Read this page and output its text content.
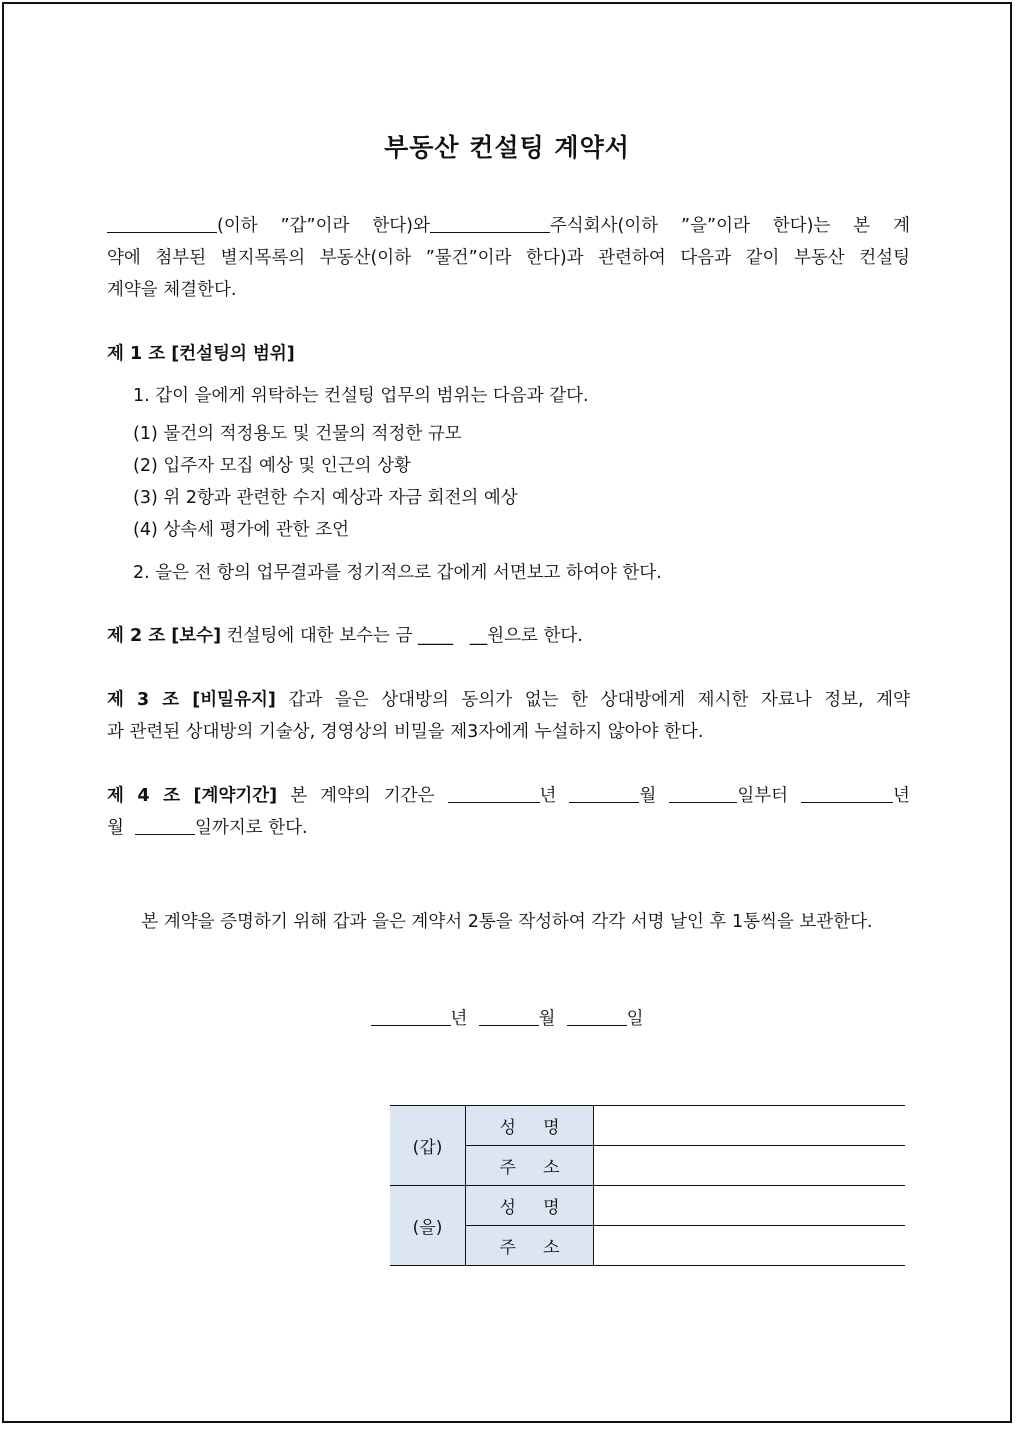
부동산 컨설팅 계약서
(이하 ”갑”이라 한다)와	주식회사(이하 ”을”이라 한다)는 본 계
약에 첨부된 별지목록의 부동산(이하 ”물건”이라 한다)과 관련하여 다음과 같이 부동산 컨설팅
계약을 체결한다.
제 1 조 [컨설팅의 범위]
1. 갑이 을에게 위탁하는 컨설팅 업무의 범위는 다음과 같다.
(1) 물건의 적정용도 및 건물의 적정한 규모
(2) 입주자 모집 예상 및 인근의 상황
(3) 위 2항과 관련한 수지 예상과 자금 회전의 예상
(4) 상속세 평가에 관한 조언
2. 을은 전 항의 업무결과를 정기적으로 갑에게 서면보고 하여야 한다.
제 2 조 [보수] 컨설팅에 대한 보수는 금 ____ __원으로 한다.
제 3 조 [비밀유지] 갑과 을은 상대방의 동의가 없는 한 상대방에게 제시한 자료나 정보, 계약
과 관련된 상대방의 기술상, 경영상의 비밀을 제3자에게 누설하지 않아야 한다.
제 4 조 [계약기간] 본 계약의 기간은	년	월	일부터	년
월	일까지로 한다.
본 계약을 증명하기 위해 갑과 을은 계약서 2통을 작성하여 각각 서명 날인 후 1통씩을 보관한다.
년	월	일
(갑)	성 명	
	주 소	
(을)	성 명	
	주 소	
